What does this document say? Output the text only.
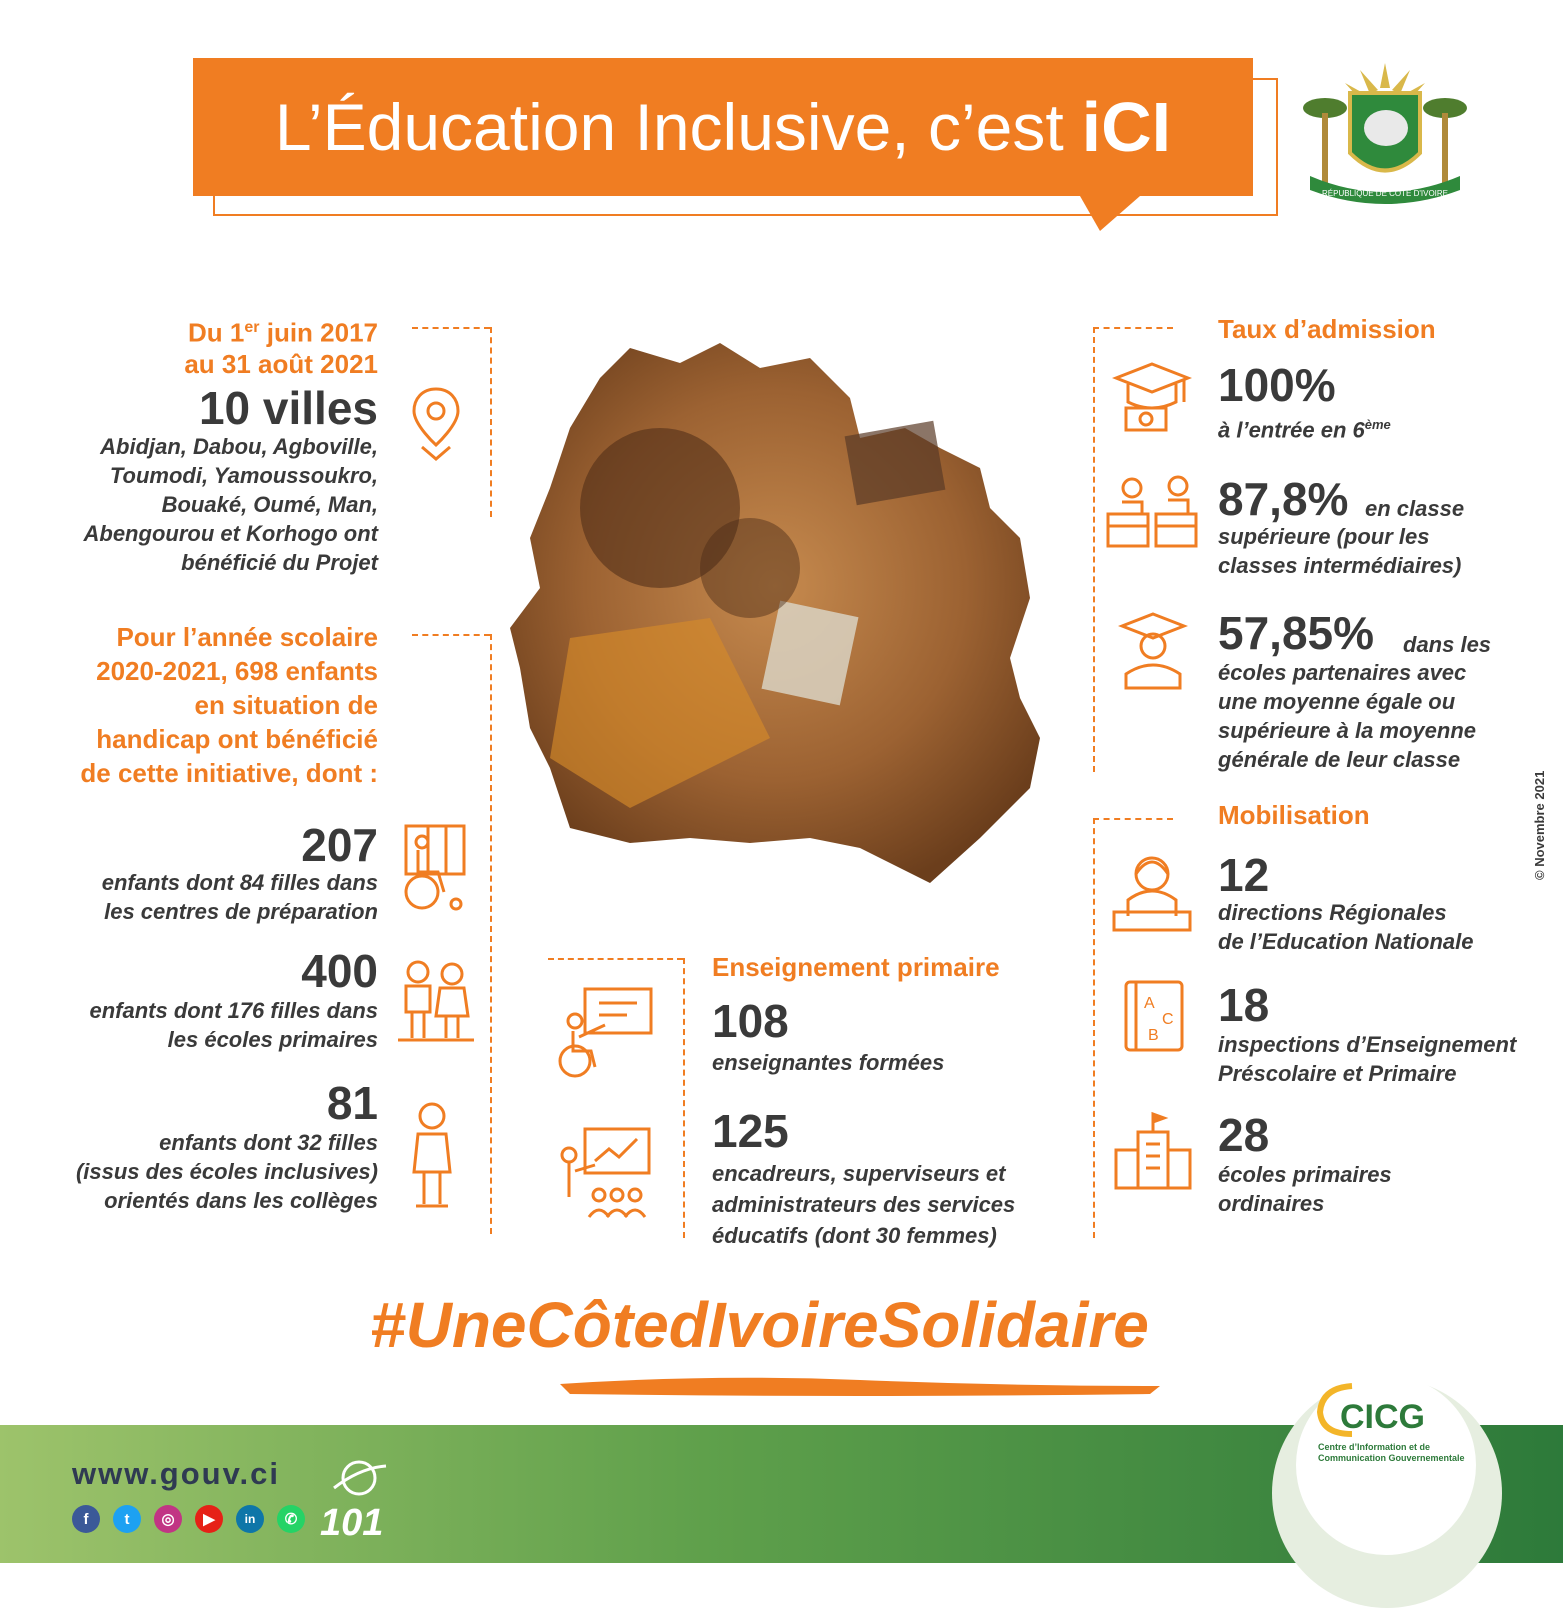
L’Éducation Inclusive, c’est iCI
RÉPUBLIQUE DE CÔTE D'IVOIRE
Du 1er juin 2017
au 31 août 2021
10 villes
Abidjan, Dabou, Agboville,
Toumodi, Yamoussoukro,
Bouaké, Oumé, Man,
Abengourou et Korhogo ont
bénéficié du Projet
Pour l’année scolaire
2020-2021, 698 enfants
en situation de
handicap ont bénéficié
de cette initiative, dont :
207
enfants dont 84 filles dans
les centres de préparation
400
enfants dont 176 filles dans
les écoles primaires
81
enfants dont 32 filles
(issus des écoles inclusives)
orientés dans les collèges
Enseignement primaire
108
enseignantes formées
125
encadreurs, superviseurs et
administrateurs des services
éducatifs (dont 30 femmes)
Taux d’admission
100%
à l’entrée en 6ème
87,8% en classe
supérieure (pour les
classes intermédiaires)
57,85% dans les
écoles partenaires avec
une moyenne égale ou
supérieure à la moyenne
générale de leur classe
Mobilisation
12
directions Régionales
de l’Education Nationale
A
C
B
18
inspections d’Enseignement
Préscolaire et Primaire
28
écoles primaires
ordinaires
© Novembre 2021
#UneCôtedIvoireSolidaire
www.gouv.ci
f	t	◎	▶	in	✆ 101
CICG
Centre d’Information et de Communication Gouvernementale
